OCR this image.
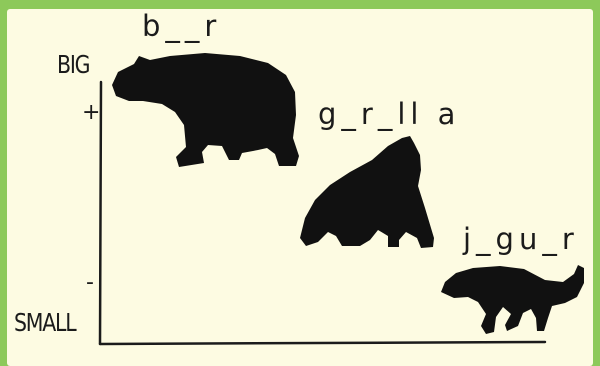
BIG
+
-
SMALL
b__r
g_r_ll a
j_gu_r
